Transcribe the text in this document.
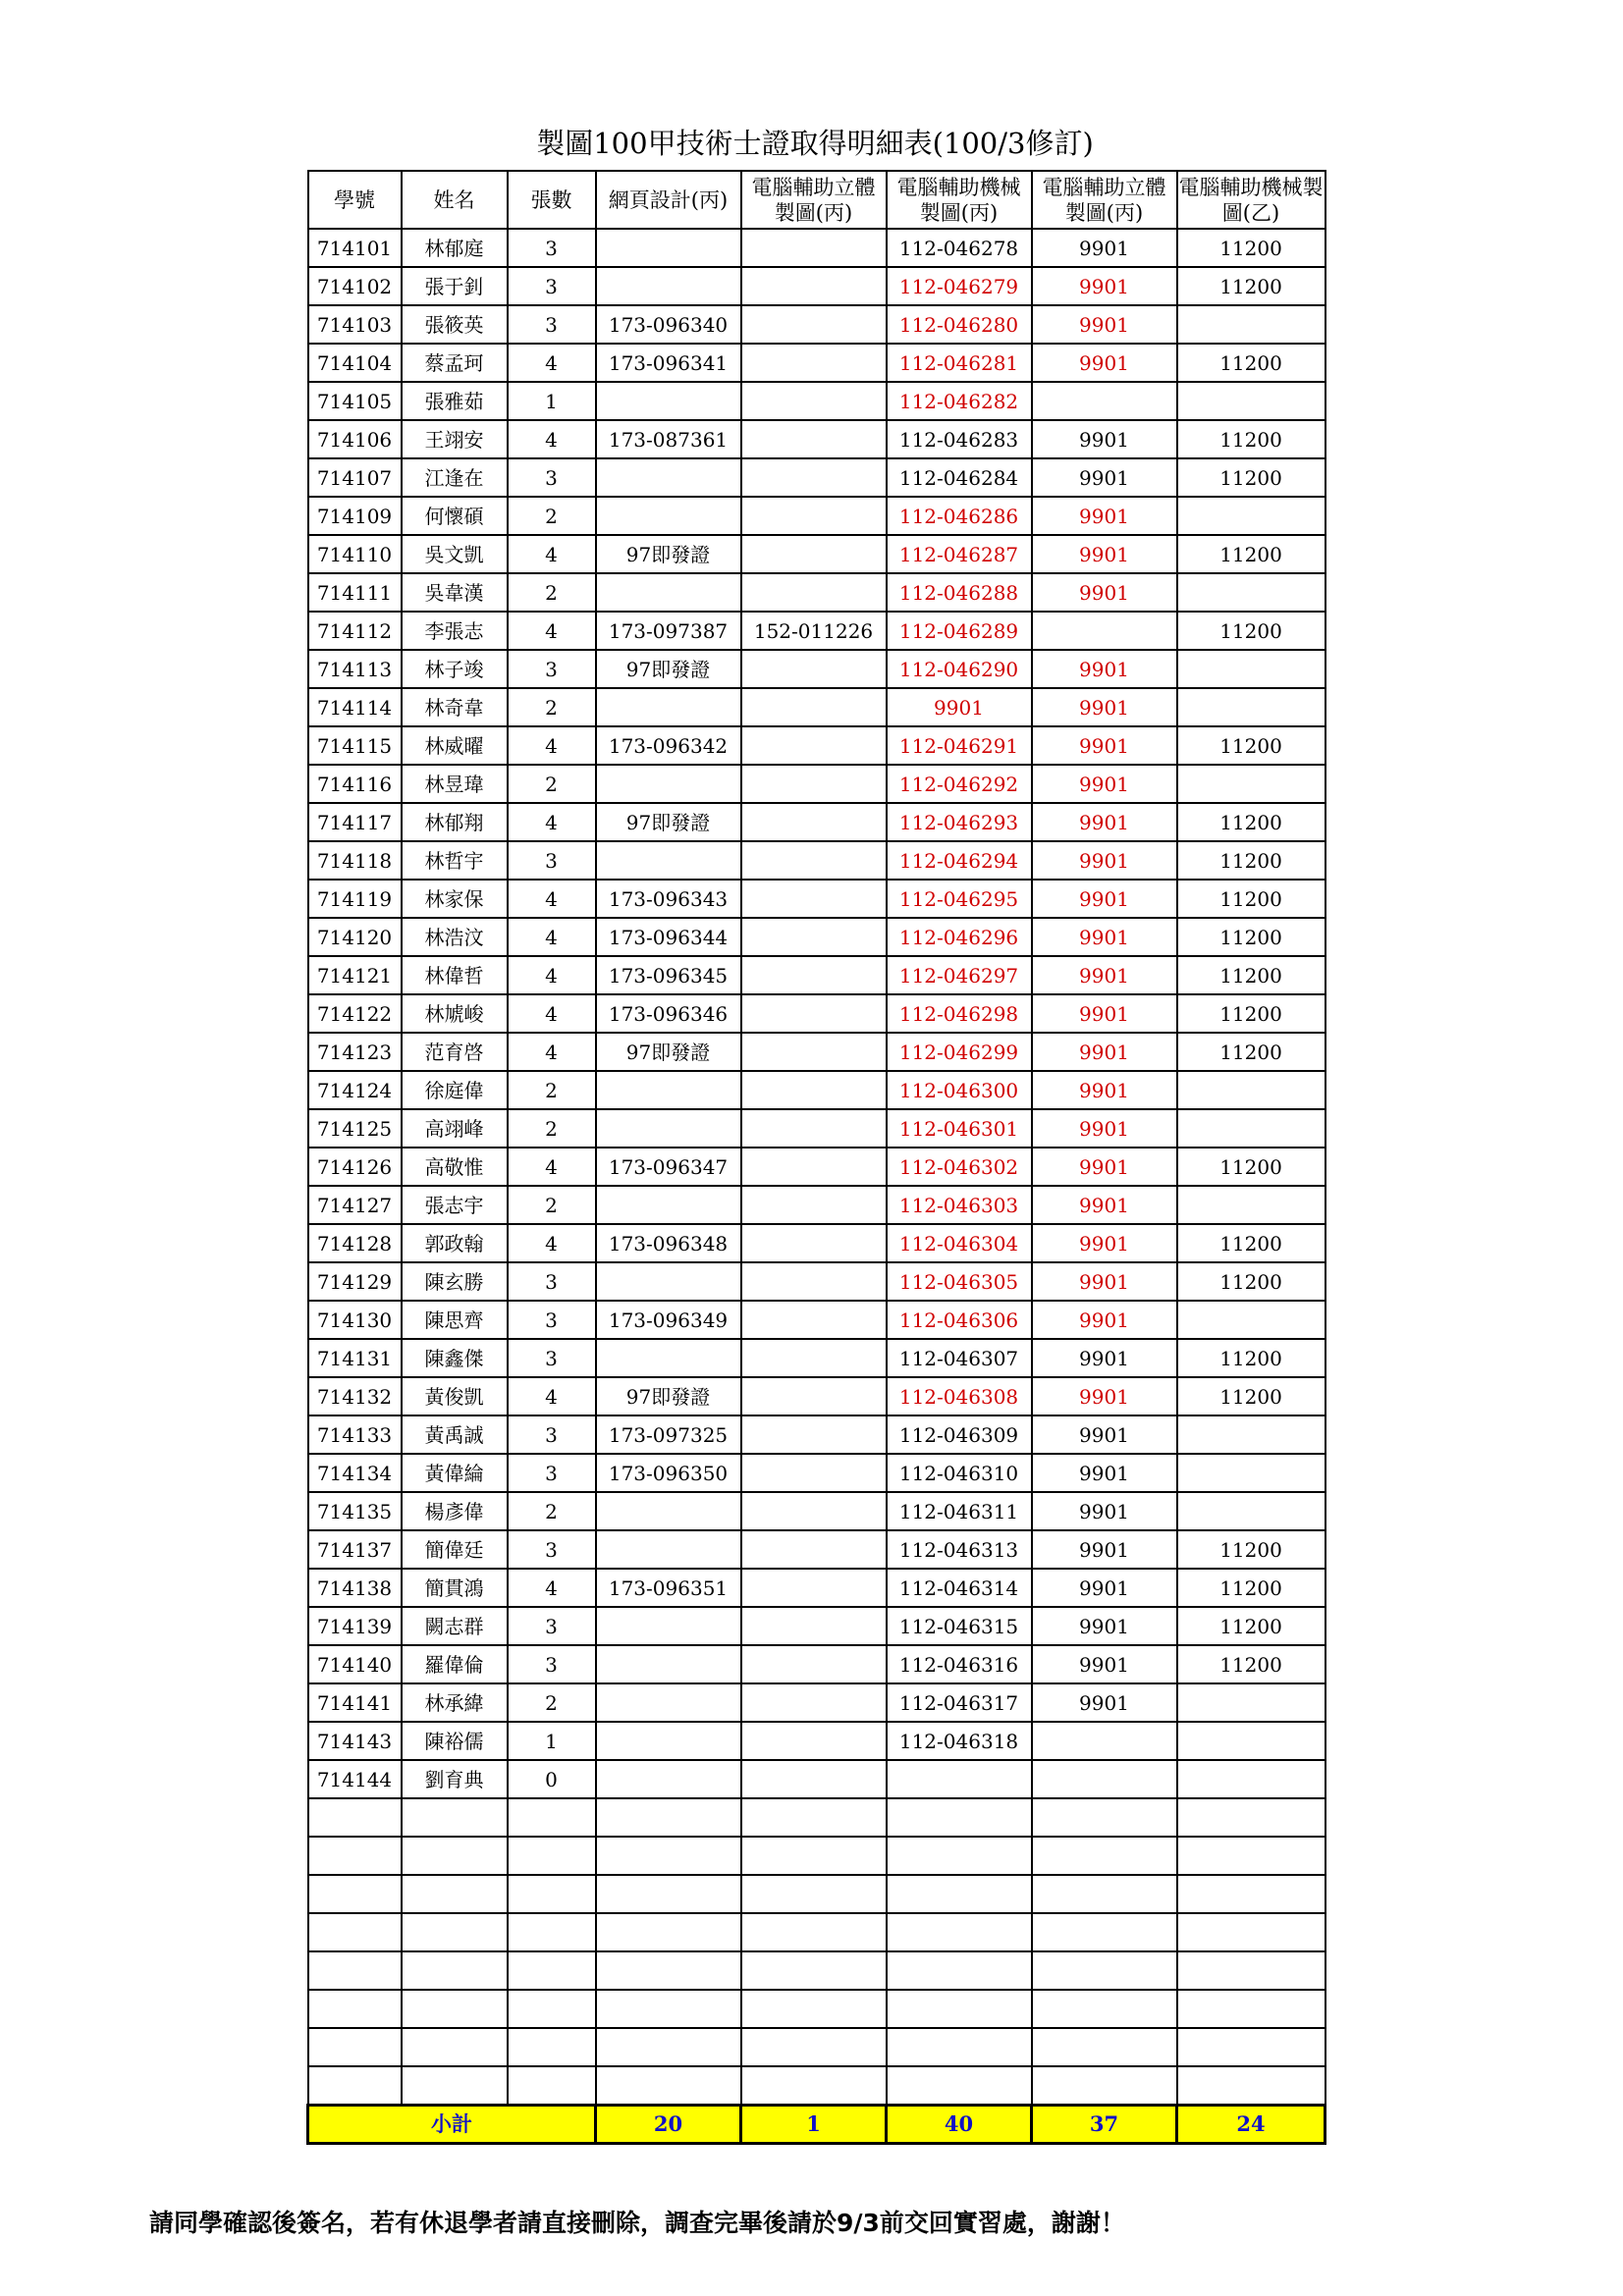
製圖100甲技術士證取得明細表(100/3修訂)
學號	姓名	張數	網頁設計(丙)	電腦輔助立體製圖(丙)	電腦輔助機械製圖(丙)	電腦輔助立體製圖(丙)	電腦輔助機械製圖(乙)
714101	林郁庭	3			112-046278	9901	11200
714102	張于釗	3			112-046279	9901	11200
714103	張筱英	3	173-096340		112-046280	9901	
714104	蔡孟珂	4	173-096341		112-046281	9901	11200
714105	張雅茹	1			112-046282		
714106	王翊安	4	173-087361		112-046283	9901	11200
714107	江逢在	3			112-046284	9901	11200
714109	何懷碩	2			112-046286	9901	
714110	吳文凱	4	97即發證		112-046287	9901	11200
714111	吳韋漢	2			112-046288	9901	
714112	李張志	4	173-097387	152-011226	112-046289		11200
714113	林子竣	3	97即發證		112-046290	9901	
714114	林奇韋	2			9901	9901	
714115	林威曜	4	173-096342		112-046291	9901	11200
714116	林昱瑋	2			112-046292	9901	
714117	林郁翔	4	97即發證		112-046293	9901	11200
714118	林哲宇	3			112-046294	9901	11200
714119	林家保	4	173-096343		112-046295	9901	11200
714120	林浩汶	4	173-096344		112-046296	9901	11200
714121	林偉哲	4	173-096345		112-046297	9901	11200
714122	林虓峻	4	173-096346		112-046298	9901	11200
714123	范育啓	4	97即發證		112-046299	9901	11200
714124	徐庭偉	2			112-046300	9901	
714125	高翊峰	2			112-046301	9901	
714126	高敬惟	4	173-096347		112-046302	9901	11200
714127	張志宇	2			112-046303	9901	
714128	郭政翰	4	173-096348		112-046304	9901	11200
714129	陳玄勝	3			112-046305	9901	11200
714130	陳思齊	3	173-096349		112-046306	9901	
714131	陳鑫傑	3			112-046307	9901	11200
714132	黃俊凱	4	97即發證		112-046308	9901	11200
714133	黃禹誠	3	173-097325		112-046309	9901	
714134	黃偉綸	3	173-096350		112-046310	9901	
714135	楊彥偉	2			112-046311	9901	
714137	簡偉廷	3			112-046313	9901	11200
714138	簡貫鴻	4	173-096351		112-046314	9901	11200
714139	闕志群	3			112-046315	9901	11200
714140	羅偉倫	3			112-046316	9901	11200
714141	林承緯	2			112-046317	9901	
714143	陳裕儒	1			112-046318		
714144	劉育典	0					

小計			20	1	40	37	24
請同學確認後簽名，若有休退學者請直接刪除，調查完畢後請於9/3前交回實習處，謝謝！
